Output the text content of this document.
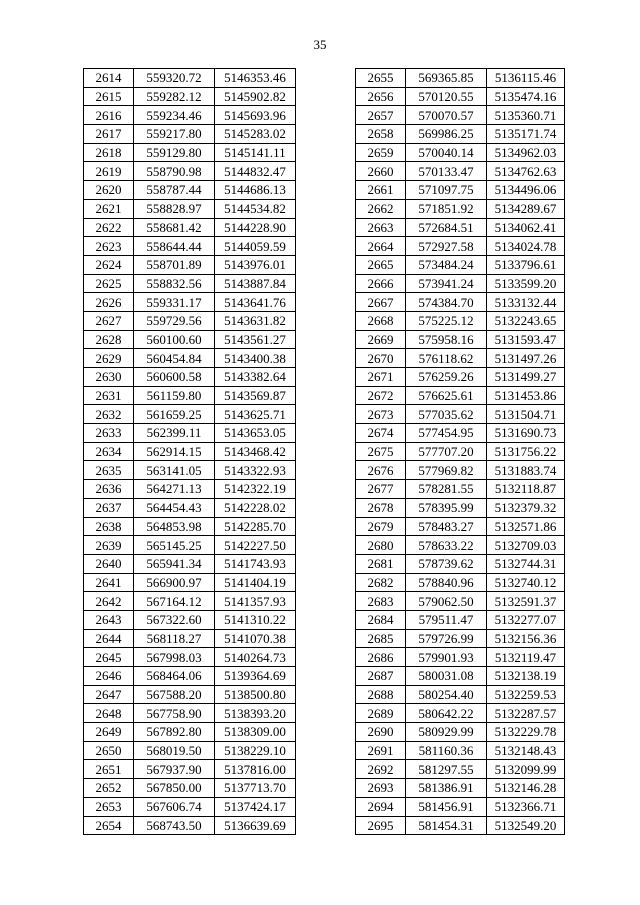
35
2614	559320.72	5146353.46
2615	559282.12	5145902.82
2616	559234.46	5145693.96
2617	559217.80	5145283.02
2618	559129.80	5145141.11
2619	558790.98	5144832.47
2620	558787.44	5144686.13
2621	558828.97	5144534.82
2622	558681.42	5144228.90
2623	558644.44	5144059.59
2624	558701.89	5143976.01
2625	558832.56	5143887.84
2626	559331.17	5143641.76
2627	559729.56	5143631.82
2628	560100.60	5143561.27
2629	560454.84	5143400.38
2630	560600.58	5143382.64
2631	561159.80	5143569.87
2632	561659.25	5143625.71
2633	562399.11	5143653.05
2634	562914.15	5143468.42
2635	563141.05	5143322.93
2636	564271.13	5142322.19
2637	564454.43	5142228.02
2638	564853.98	5142285.70
2639	565145.25	5142227.50
2640	565941.34	5141743.93
2641	566900.97	5141404.19
2642	567164.12	5141357.93
2643	567322.60	5141310.22
2644	568118.27	5141070.38
2645	567998.03	5140264.73
2646	568464.06	5139364.69
2647	567588.20	5138500.80
2648	567758.90	5138393.20
2649	567892.80	5138309.00
2650	568019.50	5138229.10
2651	567937.90	5137816.00
2652	567850.00	5137713.70
2653	567606.74	5137424.17
2654	568743.50	5136639.69
2655	569365.85	5136115.46
2656	570120.55	5135474.16
2657	570070.57	5135360.71
2658	569986.25	5135171.74
2659	570040.14	5134962.03
2660	570133.47	5134762.63
2661	571097.75	5134496.06
2662	571851.92	5134289.67
2663	572684.51	5134062.41
2664	572927.58	5134024.78
2665	573484.24	5133796.61
2666	573941.24	5133599.20
2667	574384.70	5133132.44
2668	575225.12	5132243.65
2669	575958.16	5131593.47
2670	576118.62	5131497.26
2671	576259.26	5131499.27
2672	576625.61	5131453.86
2673	577035.62	5131504.71
2674	577454.95	5131690.73
2675	577707.20	5131756.22
2676	577969.82	5131883.74
2677	578281.55	5132118.87
2678	578395.99	5132379.32
2679	578483.27	5132571.86
2680	578633.22	5132709.03
2681	578739.62	5132744.31
2682	578840.96	5132740.12
2683	579062.50	5132591.37
2684	579511.47	5132277.07
2685	579726.99	5132156.36
2686	579901.93	5132119.47
2687	580031.08	5132138.19
2688	580254.40	5132259.53
2689	580642.22	5132287.57
2690	580929.99	5132229.78
2691	581160.36	5132148.43
2692	581297.55	5132099.99
2693	581386.91	5132146.28
2694	581456.91	5132366.71
2695	581454.31	5132549.20
